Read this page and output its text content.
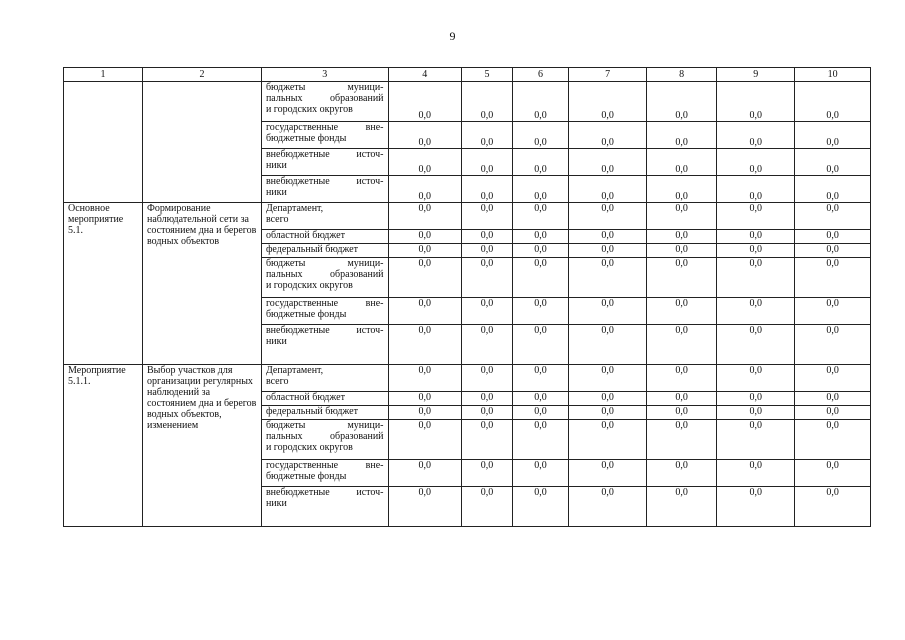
9
1	2	3	4	5	6	7	8	9	10

		бюджеты муници-
пальных образований
и городских округов	0,0	0,0	0,0	0,0	0,0	0,0	0,0

		государственные вне-
бюджетные фонды	0,0	0,0	0,0	0,0	0,0	0,0	0,0

		внебюджетные источ-
ники	0,0	0,0	0,0	0,0	0,0	0,0	0,0

		внебюджетные источ-
ники	0,0	0,0	0,0	0,0	0,0	0,0	0,0
Основное мероприятие 5.1.	Формирование наблюдательной сети за состоянием дна и берегов водных объектов	Департамент,
всего	0,0	0,0	0,0	0,0	0,0	0,0	0,0

		областной бюджет	0,0	0,0	0,0	0,0	0,0	0,0	0,0

		федеральный бюджет	0,0	0,0	0,0	0,0	0,0	0,0	0,0

		бюджеты муници-
пальных образований
и городских округов	0,0	0,0	0,0	0,0	0,0	0,0	0,0

		государственные вне-
бюджетные фонды	0,0	0,0	0,0	0,0	0,0	0,0	0,0

		внебюджетные источ-
ники	0,0	0,0	0,0	0,0	0,0	0,0	0,0
Мероприятие 5.1.1.	Выбор участков для организации регулярных наблюдений за состоянием дна и берегов водных объектов, изменением	Департамент,
всего	0,0	0,0	0,0	0,0	0,0	0,0	0,0

		областной бюджет	0,0	0,0	0,0	0,0	0,0	0,0	0,0

		федеральный бюджет	0,0	0,0	0,0	0,0	0,0	0,0	0,0

		бюджеты муници-
пальных образований
и городских округов	0,0	0,0	0,0	0,0	0,0	0,0	0,0

		государственные вне-
бюджетные фонды	0,0	0,0	0,0	0,0	0,0	0,0	0,0

		внебюджетные источ-
ники	0,0	0,0	0,0	0,0	0,0	0,0	0,0
